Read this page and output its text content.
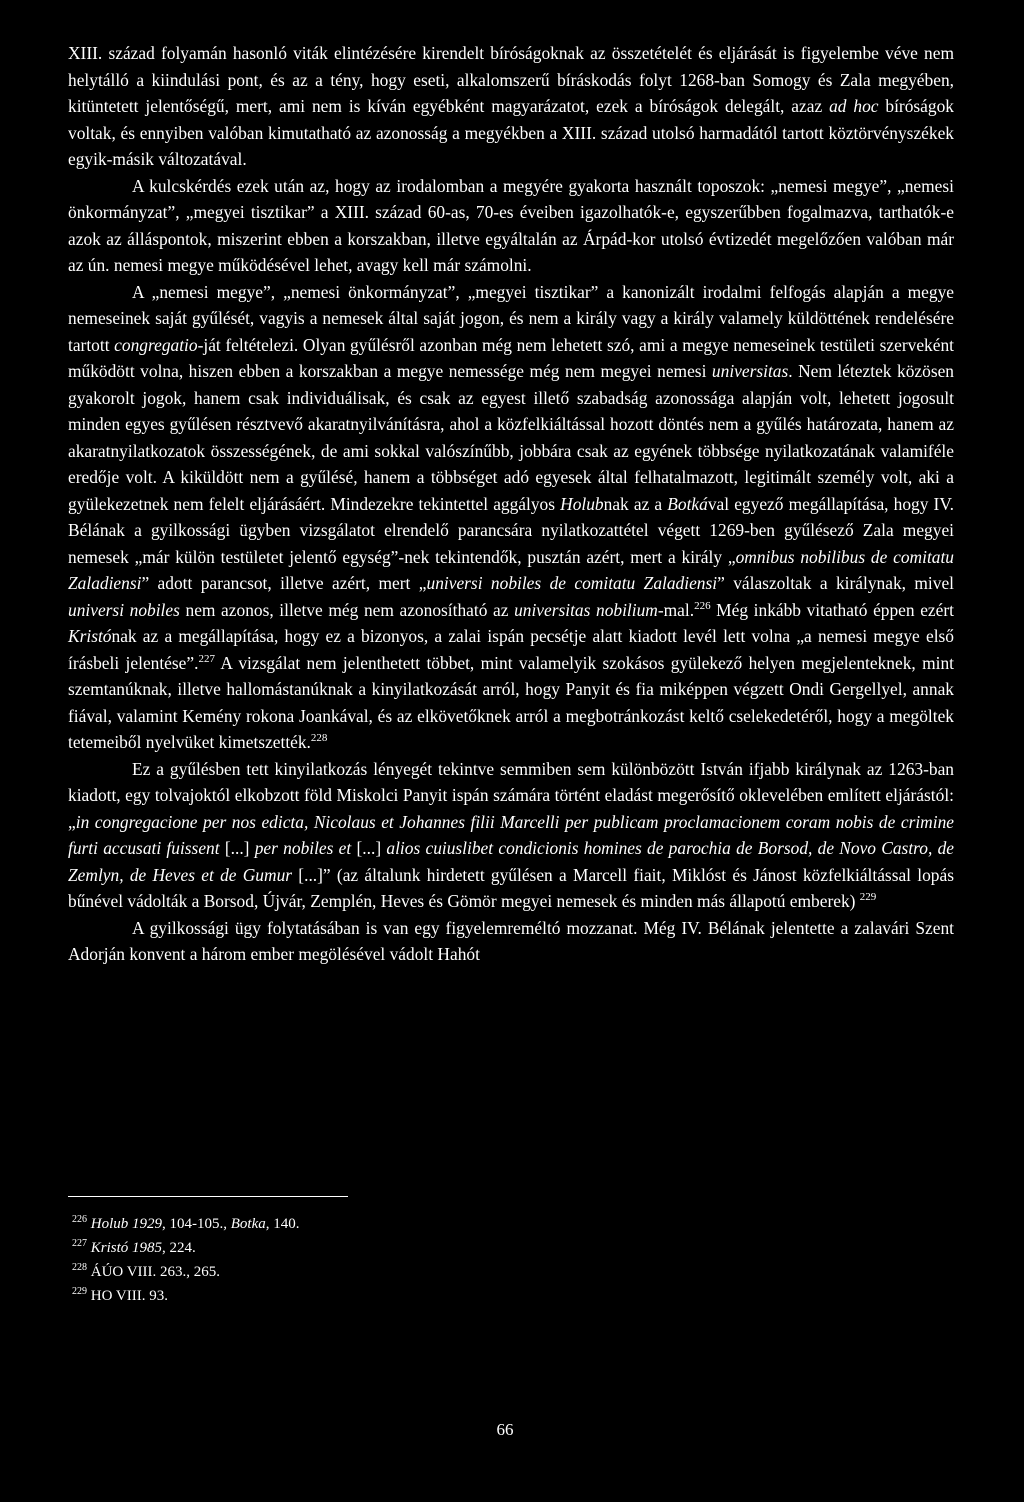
XIII. század folyamán hasonló viták elintézésére kirendelt bíróságoknak az összetételét és eljárását is figyelembe véve nem helytálló a kiindulási pont, és az a tény, hogy eseti, alkalomszerű bíráskodás folyt 1268-ban Somogy és Zala megyében, kitüntetett jelentőségű, mert, ami nem is kíván egyébként magyarázatot, ezek a bíróságok delegált, azaz ad hoc bíróságok voltak, és ennyiben valóban kimutatható az azonosság a megyékben a XIII. század utolsó harmadától tartott köztörvényszékek egyik-másik változatával.

A kulcskérdés ezek után az, hogy az irodalomban a megyére gyakorta használt toposzok: „nemesi megye”, „nemesi önkormányzat”, „megyei tisztikar” a XIII. század 60-as, 70-es éveiben igazolhatók-e, egyszerűbben fogalmazva, tarthatók-e azok az álláspontok, miszerint ebben a korszakban, illetve egyáltalán az Árpád-kor utolsó évtizedét megelőzően valóban már az ún. nemesi megye működésével lehet, avagy kell már számolni.

A „nemesi megye”, „nemesi önkormányzat”, „megyei tisztikar” a kanonizált irodalmi felfogás alapján a megye nemeseinek saját gyűlését, vagyis a nemesek által saját jogon, és nem a király vagy a király valamely küldöttének rendelésére tartott congregatio-ját feltételezi. Olyan gyűlésről azonban még nem lehetett szó, ami a megye nemeseinek testületi szerveként működött volna, hiszen ebben a korszakban a megye nemessége még nem megyei nemesi universitas. Nem léteztek közösen gyakorolt jogok, hanem csak individuálisak, és csak az egyest illető szabadság azonossága alapján volt, lehetett jogosult minden egyes gyűlésen résztvevő akaratnyilvánításra, ahol a közfelkiáltással hozott döntés nem a gyűlés határozata, hanem az akaratnyilatkozatok összességének, de ami sokkal valószínűbb, jobbára csak az egyének többsége nyilatkozatának valamiféle eredője volt. A kiküldött nem a gyűlésé, hanem a többséget adó egyesek által felhatalmazott, legitimált személy volt, aki a gyülekezetnek nem felelt eljárásáért. Mindezekre tekintettel aggályos Holubnak az a Botkával egyező megállapítása, hogy IV. Bélának a gyilkossági ügyben vizsgálatot elrendelő parancsára nyilatkozattétel végett 1269-ben gyűlésező Zala megyei nemesek „már külön testületet jelentő egység”-nek tekintendők, pusztán azért, mert a király „omnibus nobilibus de comitatu Zaladiensi” adott parancsot, illetve azért, mert „universi nobiles de comitatu Zaladiensi” válaszoltak a királynak, mivel universi nobiles nem azonos, illetve még nem azonosítható az universitas nobilium-mal.$^{226}$ Még inkább vitatható éppen ezért Kristónak az a megállapítása, hogy ez a bizonyos, a zalai ispán pecsétje alatt kiadott levél lett volna „a nemesi megye első írásbeli jelentése”.$^{227}$ A vizsgálat nem jelenthetett többet, mint valamelyik szokásos gyülekező helyen megjelenteknek, mint szemtanúknak, illetve hallomástanúknak a kinyilatkozását arról, hogy Panyit és fia miképpen végzett Ondi Gergellyel, annak fiával, valamint Kemény rokona Joankával, és az elkövetőknek arról a megbotránkozást keltő cselekedetéről, hogy a megöltek tetemeiből nyelvüket kimetszették.$^{228}$

Ez a gyűlésben tett kinyilatkozás lényegét tekintve semmiben sem különbözött István ifjabb királynak az 1263-ban kiadott, egy tolvajoktól elkobzott föld Miskolci Panyit ispán számára történt eladást megerősítő oklevelében említett eljárástól: „in congregacione per nos edicta, Nicolaus et Johannes filii Marcelli per publicam proclamacionem coram nobis de crimine furti accusati fuissent [...] per nobiles et [...] alios cuiuslibet condicionis homines de parochia de Borsod, de Novo Castro, de Zemlyn, de Heves et de Gumur [...]” (az általunk hirdetett gyűlésen a Marcell fiait, Miklóst és Jánost közfelkiáltással lopás bűnével vádolták a Borsod, Újvár, Zemplén, Heves és Gömör megyei nemesek és minden más állapotú emberek) $^{229}$

A gyilkossági ügy folytatásában is van egy figyelemreméltó mozzanat. Még IV. Bélának jelentette a zalavári Szent Adorján konvent a három ember megölésével vádolt Hahót

$^{226}$ Holub 1929, 104-105., Botka, 140.
$^{227}$ Kristó 1985, 224.
$^{228}$ ÁÚO VIII. 263., 265.
$^{229}$ HO VIII. 93.
66
